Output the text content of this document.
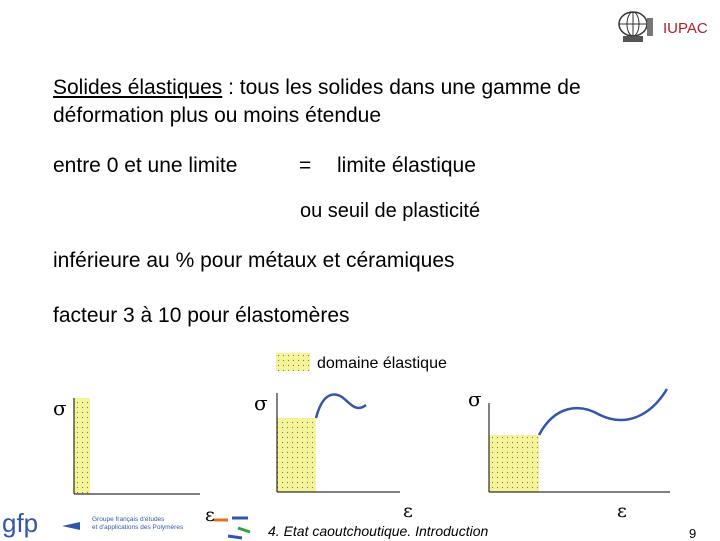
IUPAC
Solides élastiques : tous les solides dans une gamme de
déformation plus ou moins étendue
entre 0 et une limite	= limite élastique
ou seuil de plasticité
inférieure au % pour métaux et céramiques
facteur 3 à 10 pour élastomères
domaine élastique
σ
ε
σ
ε
σ
ε
gfp	Groupe français d'études
et d'applications des Polymères	4. Etat caoutchoutique. Introduction	9
